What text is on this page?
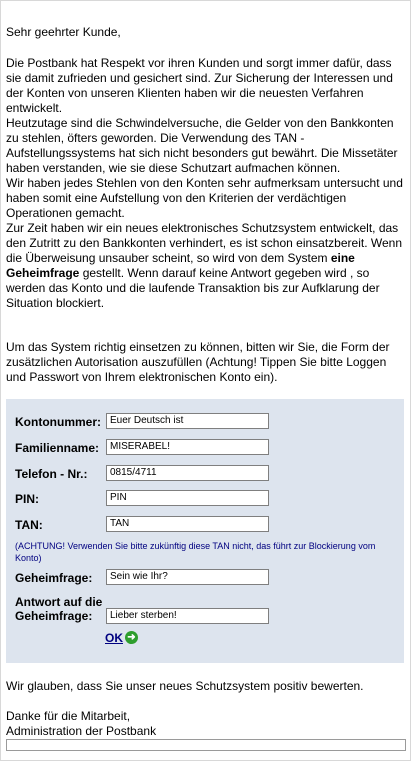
Sehr geehrter Kunde,
Die Postbank hat Respekt vor ihren Kunden und sorgt immer dafür, dass sie damit zufrieden und gesichert sind. Zur Sicherung der Interessen und der Konten von unseren Klienten haben wir die neuesten Verfahren entwickelt.
Heutzutage sind die Schwindelversuche, die Gelder von den Bankkonten zu stehlen, öfters geworden. Die Verwendung des TAN - Aufstellungssystems hat sich nicht besonders gut bewährt. Die Missetäter haben verstanden, wie sie diese Schutzart aufmachen können.
Wir haben jedes Stehlen von den Konten sehr aufmerksam untersucht und haben somit eine Aufstellung von den Kriterien der verdächtigen Operationen gemacht.
Zur Zeit haben wir ein neues elektronisches Schutzsystem entwickelt, das den Zutritt zu den Bankkonten verhindert, es ist schon einsatzbereit. Wenn die Überweisung unsauber scheint, so wird von dem System eine Geheimfrage gestellt. Wenn darauf keine Antwort gegeben wird , so werden das Konto und die laufende Transaktion bis zur Aufklarung der Situation blockiert.
Um das System richtig einsetzen zu können, bitten wir Sie, die Form der zusätzlichen Autorisation auszufüllen (Achtung! Tippen Sie bitte Loggen und Passwort von Ihrem elektronischen Konto ein).
Kontonummer: Euer Deutsch ist
Familienname:	MISERABEL!
Telefon - Nr.:	0815/4711
PIN:	PIN
TAN:	TAN
(ACHTUNG! Verwenden Sie bitte zukünftig diese TAN nicht, das führt zur Blockierung vom Konto)
Geheimfrage:	Sein wie Ihr?
Antwort auf die
Geheimfrage:	Lieber sterben!
OK ➜
Wir glauben, dass Sie unser neues Schutzsystem positiv bewerten.
Danke für die Mitarbeit,
Administration der Postbank
